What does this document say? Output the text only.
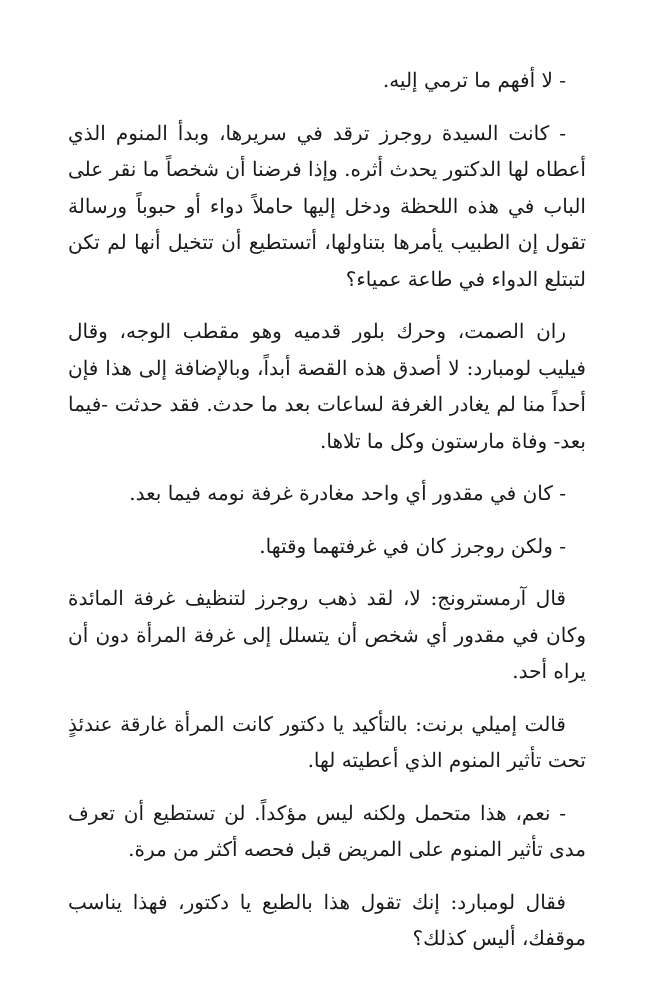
- لا أفهم ما ترمي إليه.

- كانت السيدة روجرز ترقد في سريرها، وبدأ المنوم الذي أعطاه لها الدكتور يحدث أثره. وإذا فرضنا أن شخصاً ما نقر على الباب في هذه اللحظة ودخل إليها حاملاً دواء أو حبوباً ورسالة تقول إن الطبيب يأمرها بتناولها، أتستطيع أن تتخيل أنها لم تكن لتبتلع الدواء في طاعة عمياء؟

ران الصمت، وحرك بلور قدميه وهو مقطب الوجه، وقال فيليب لومبارد: لا أصدق هذه القصة أبداً، وبالإضافة إلى هذا فإن أحداً منا لم يغادر الغرفة لساعات بعد ما حدث. فقد حدثت -فيما بعد- وفاة مارستون وكل ما تلاها.

- كان في مقدور أي واحد مغادرة غرفة نومه فيما بعد.

- ولكن روجرز كان في غرفتهما وقتها.

قال آرمسترونج: لا، لقد ذهب روجرز لتنظيف غرفة المائدة وكان في مقدور أي شخص أن يتسلل إلى غرفة المرأة دون أن يراه أحد.

قالت إميلي برنت: بالتأكيد يا دكتور كانت المرأة غارقة عندئذٍ تحت تأثير المنوم الذي أعطيته لها.

- نعم، هذا متحمل ولكنه ليس مؤكداً. لن تستطيع أن تعرف مدى تأثير المنوم على المريض قبل فحصه أكثر من مرة.

فقال لومبارد: إنك تقول هذا بالطبع يا دكتور، فهذا يناسب موقفك، أليس كذلك؟
